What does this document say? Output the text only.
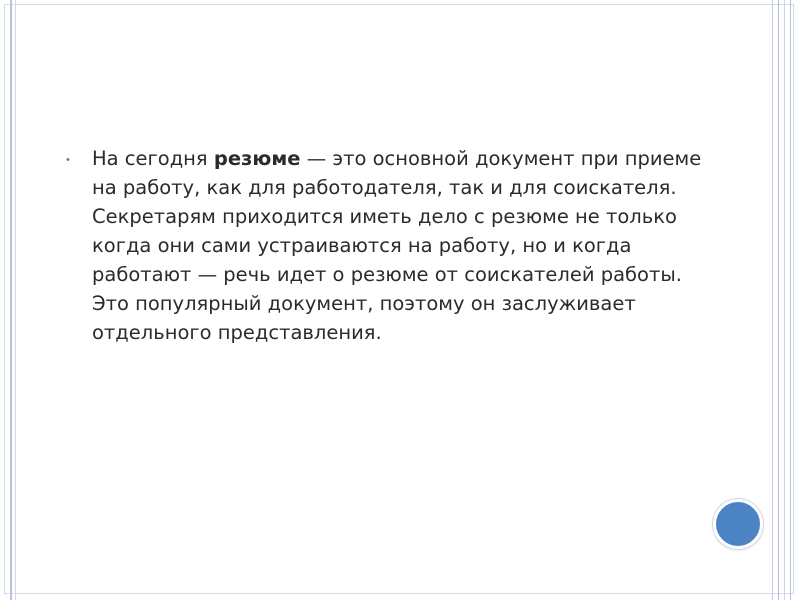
•	На сегодня резюме — это основной документ при приеме на работу, как для работодателя, так и для соискателя. Секретарям приходится иметь дело с резюме не только когда они сами устраиваются на работу, но и когда работают — речь идет о резюме от соискателей работы. Это популярный документ, поэтому он заслуживает отдельного представления.
